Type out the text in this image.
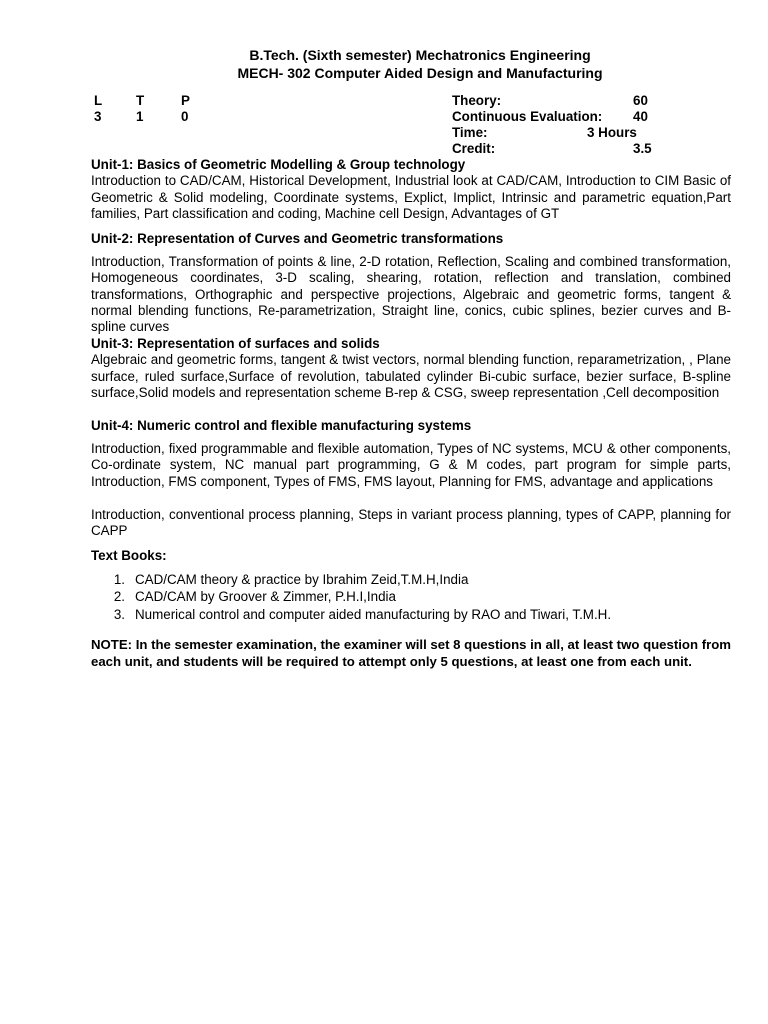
B.Tech. (Sixth semester) Mechatronics Engineering
MECH- 302 Computer Aided Design and Manufacturing
L	T	P
3	1	0
Theory:	60
Continuous Evaluation: 40
Time:	3 Hours
Credit:	3.5
Unit-1: Basics of Geometric Modelling & Group technology
Introduction to CAD/CAM, Historical Development, Industrial look at CAD/CAM, Introduction to CIM Basic of Geometric & Solid modeling, Coordinate systems, Explict, Implict, Intrinsic and parametric equation,Part families, Part classification and coding, Machine cell Design, Advantages of GT
Unit-2: Representation of Curves and Geometric transformations
Introduction, Transformation of points & line, 2-D rotation, Reflection, Scaling and combined transformation, Homogeneous coordinates, 3-D scaling, shearing, rotation, reflection and translation, combined transformations, Orthographic and perspective projections, Algebraic and geometric forms, tangent & normal blending functions, Re-parametrization, Straight line, conics, cubic splines, bezier curves and B-spline curves
Unit-3: Representation of surfaces and solids
Algebraic and geometric forms, tangent & twist vectors, normal blending function, reparametrization, , Plane surface, ruled surface,Surface of revolution, tabulated cylinder Bi-cubic surface, bezier surface, B-spline surface,Solid models and representation scheme B-rep & CSG, sweep representation ,Cell decomposition
Unit-4: Numeric control and flexible manufacturing systems
Introduction, fixed programmable and flexible automation, Types of NC systems, MCU & other components, Co-ordinate system, NC manual part programming, G & M codes, part program for simple parts, Introduction, FMS component, Types of FMS, FMS layout, Planning for FMS, advantage and applications
Introduction, conventional process planning, Steps in variant process planning, types of CAPP, planning for CAPP
Text Books:
1. CAD/CAM theory & practice by Ibrahim Zeid,T.M.H,India
2. CAD/CAM by Groover & Zimmer, P.H.I,India
3. Numerical control and computer aided manufacturing by RAO and Tiwari, T.M.H.
NOTE: In the semester examination, the examiner will set 8 questions in all, at least two question from each unit, and students will be required to attempt only 5 questions, at least one from each unit.
